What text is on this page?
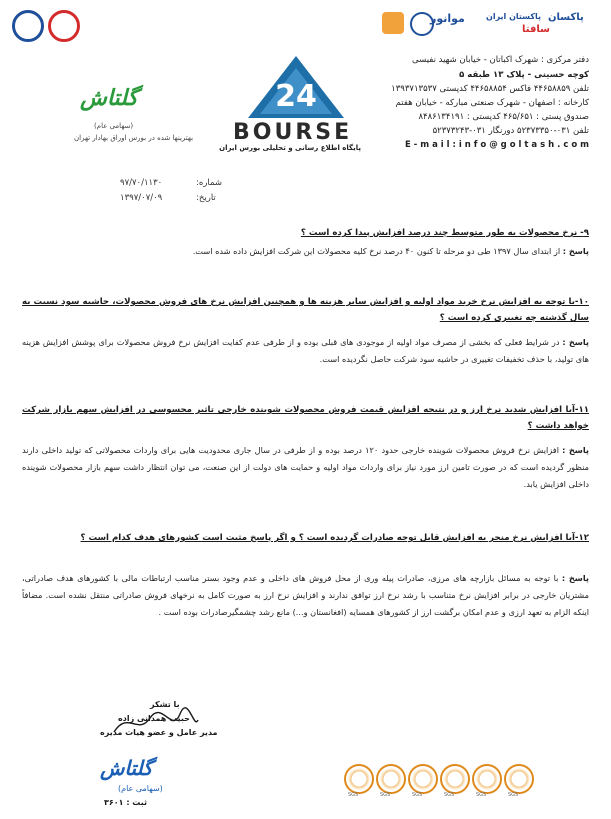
موانور	پاکستان ایران پاکسان
سافتا
دفتر مرکزی : شهرک اکباتان - خیابان شهید نفیسی
کوچه حسینی - پلاک ۱۳ طبقه ۵
تلفن ۴۴۶۵۸۸۵۹ فاکس ۴۴۶۵۸۸۵۴ کدپستی ۱۳۹۳۷۱۳۵۳۷
کارخانه : اصفهان - شهرک صنعتی مبارکه - خیابان هفتم
صندوق پستی : ۴۶۵/۶۵۱ کدپستی : ۸۴۸۶۱۳۴۱۹۱
تلفن ۰۳۱-۵۲۳۷۳۳۵۰ دورنگار ۰۳۱-۵۲۳۷۳۲۴۳
E - m a i l : i n f o @ g o l t a s h . c o m
24
BOURSE
پایگاه اطلاع رسانی و تحلیلی بورس ایران
گلتاش
(سهامی عام)
بهترینها شده در بورس اوراق بهادار تهران
شماره:
۹۷/۷۰/۱۱۳۰
تاریخ:
۱۳۹۷/۰۷/۰۹
۹- نرخ محصولات به طور متوسط چند درصد افزایش پیدا کرده است ؟
پاسخ : از ابتدای سال ۱۳۹۷ طی دو مرحله تا کنون ۴۰ درصد نرخ کلیه محصولات این شرکت افزایش داده شده است.
۱۰-با توجه به افزایش نرخ خرید مواد اولیه و افزایش سایر هزینه ها و همچنین افزایش نرخ های فروش محصولات، حاشیه سود نسبت به سال گذشته چه تغییری کرده است ؟
پاسخ : در شرایط فعلی که بخشی از مصرف مواد اولیه از موجودی های قبلی بوده و از طرفی عدم کفایت افزایش نرخ فروش محصولات برای پوشش افزایش هزینه های تولید، با حذف تخفیفات تغییری در حاشیه سود شرکت حاصل نگردیده است.
۱۱-آیا افزایش شدید نرخ ارز و در نتیجه افزایش قیمت فروش محصولات شوینده خارجی تاثیر محسوسی در افزایش سهم بازار شرکت خواهد داشت ؟
پاسخ : افزایش نرخ فروش محصولات شوینده خارجی حدود ۱۲۰ درصد بوده و از طرفی در سال جاری محدودیت هایی برای واردات محصولاتی که تولید داخلی دارند منظور گردیده است که در صورت تامین ارز مورد نیاز برای واردات مواد اولیه و حمایت های دولت از این صنعت، می توان انتظار داشت سهم بازار محصولات شوینده داخلی افزایش یابد.
۱۲-آیا افزایش نرخ منجر به افزایش قابل توجه صادرات گردیده است ؟ و اگر پاسخ مثبت است کشورهای هدف کدام است ؟
پاسخ : با توجه به مسائل بازارچه های مرزی، صادرات پیله وری از محل فروش های داخلی و عدم وجود بستر مناسب ارتباطات مالی با کشورهای هدف صادراتی، مشتریان خارجی در برابر افزایش نرخ متناسب با رشد نرخ ارز توافق ندارند و افزایش نرخ ارز به صورت کامل به نرخهای فروش صادراتی منتقل نشده است. مضافاً اینکه الزام به تعهد ارزی و عدم امکان برگشت ارز از کشورهای همسایه (افغانستان و...) مانع رشد چشمگیرصادرات بوده است .
با تشکر
حبیب همدانی زاده
مدیر عامل و عضو هیات مدیره
گلتاش
(سهامی عام)
ثبت : ۳۶۰۱
SGS	SGS	SGS	SGS	SGS	SGS
